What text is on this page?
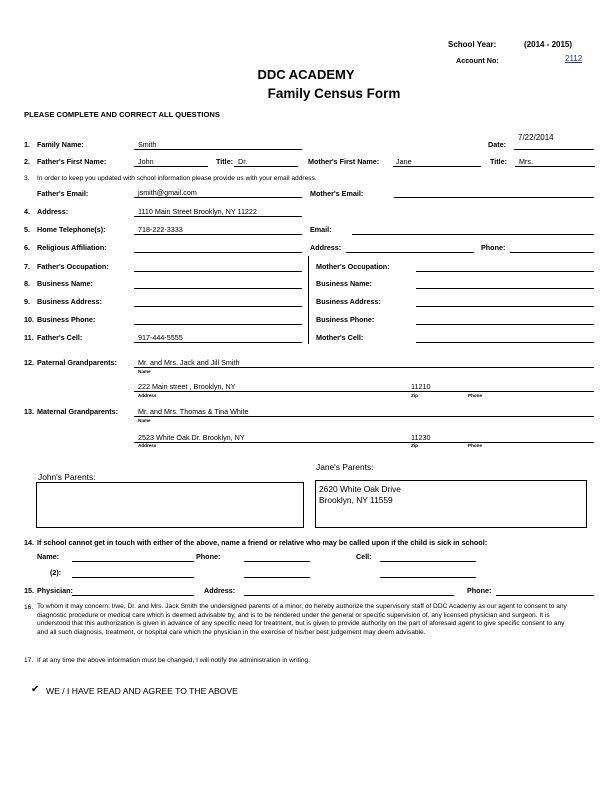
School Year:	(2014 - 2015)
Account No:	2112
DDC ACADEMY
Family Census Form
PLEASE COMPLETE AND CORRECT ALL QUESTIONS
1. Family Name:	Smith	Date:
7/22/2014
2. Father's First Name:	John	Title: Dr.	Mother's First Name: Jane	Title: Mrs.
3. In order to keep you updated with school information please provide us with your email address.
Father's Email:	jsmith@gmail.com	Mother's Email:
4. Address:	1110 Main Street Brooklyn, NY 11222
5. Home Telephone(s):	718-222-3333	Email:
6. Religious Affiliation:	Address:	Phone:
7. Father's Occupation:	Mother's Occupation:
8. Business Name:	Business Name:
9. Business Address:	Business Address:
10. Business Phone:	Business Phone:
11. Father's Cell:	917-444-5555	Mother's Cell:
12. Paternal Grandparents:	Mr. and Mrs. Jack and Jill Smith
Name
222 Main street , Brooklyn, NY	11210
Address	Zip	Phone
13. Maternal Grandparents:	Mr. and Mrs. Thomas & Tina White
Name
2523 White Oak Dr. Brooklyn, NY	11230
Address	Zip	Phone
Jane's Parents:
John's Parents:
2620 White Oak Drive
Brooklyn, NY 11559
14. If school cannot get in touch with either of the above, name a friend or relative who may be called upon if the child is sick in school:
Name:	Phone:	Cell:
(2):
15. Physician:	Address:	Phone:
16. To whom it may concern: I/we, Dr. and Mrs. Jack Smith the undersigned parents of a minor, do hereby authorize the supervisory staff of DDC Academy as our agent to consent to any diagnostic procedure or medical care which is deemed advisable by, and is to be rendered under the general or specific supervision of, any licensed physician and surgeon. It is understood that this authorization is given in advance of any specific need for treatment, but is given to provide authority on the part of aforesaid agent to give specific consent to any and all such diagnosis, treatment, or hospital care which the physician in the exercise of his/her best judgement may deem advisable.
17. If at any time the above information must be changed, I will notify the administration in writing.
✔ WE / I HAVE READ AND AGREE TO THE ABOVE
